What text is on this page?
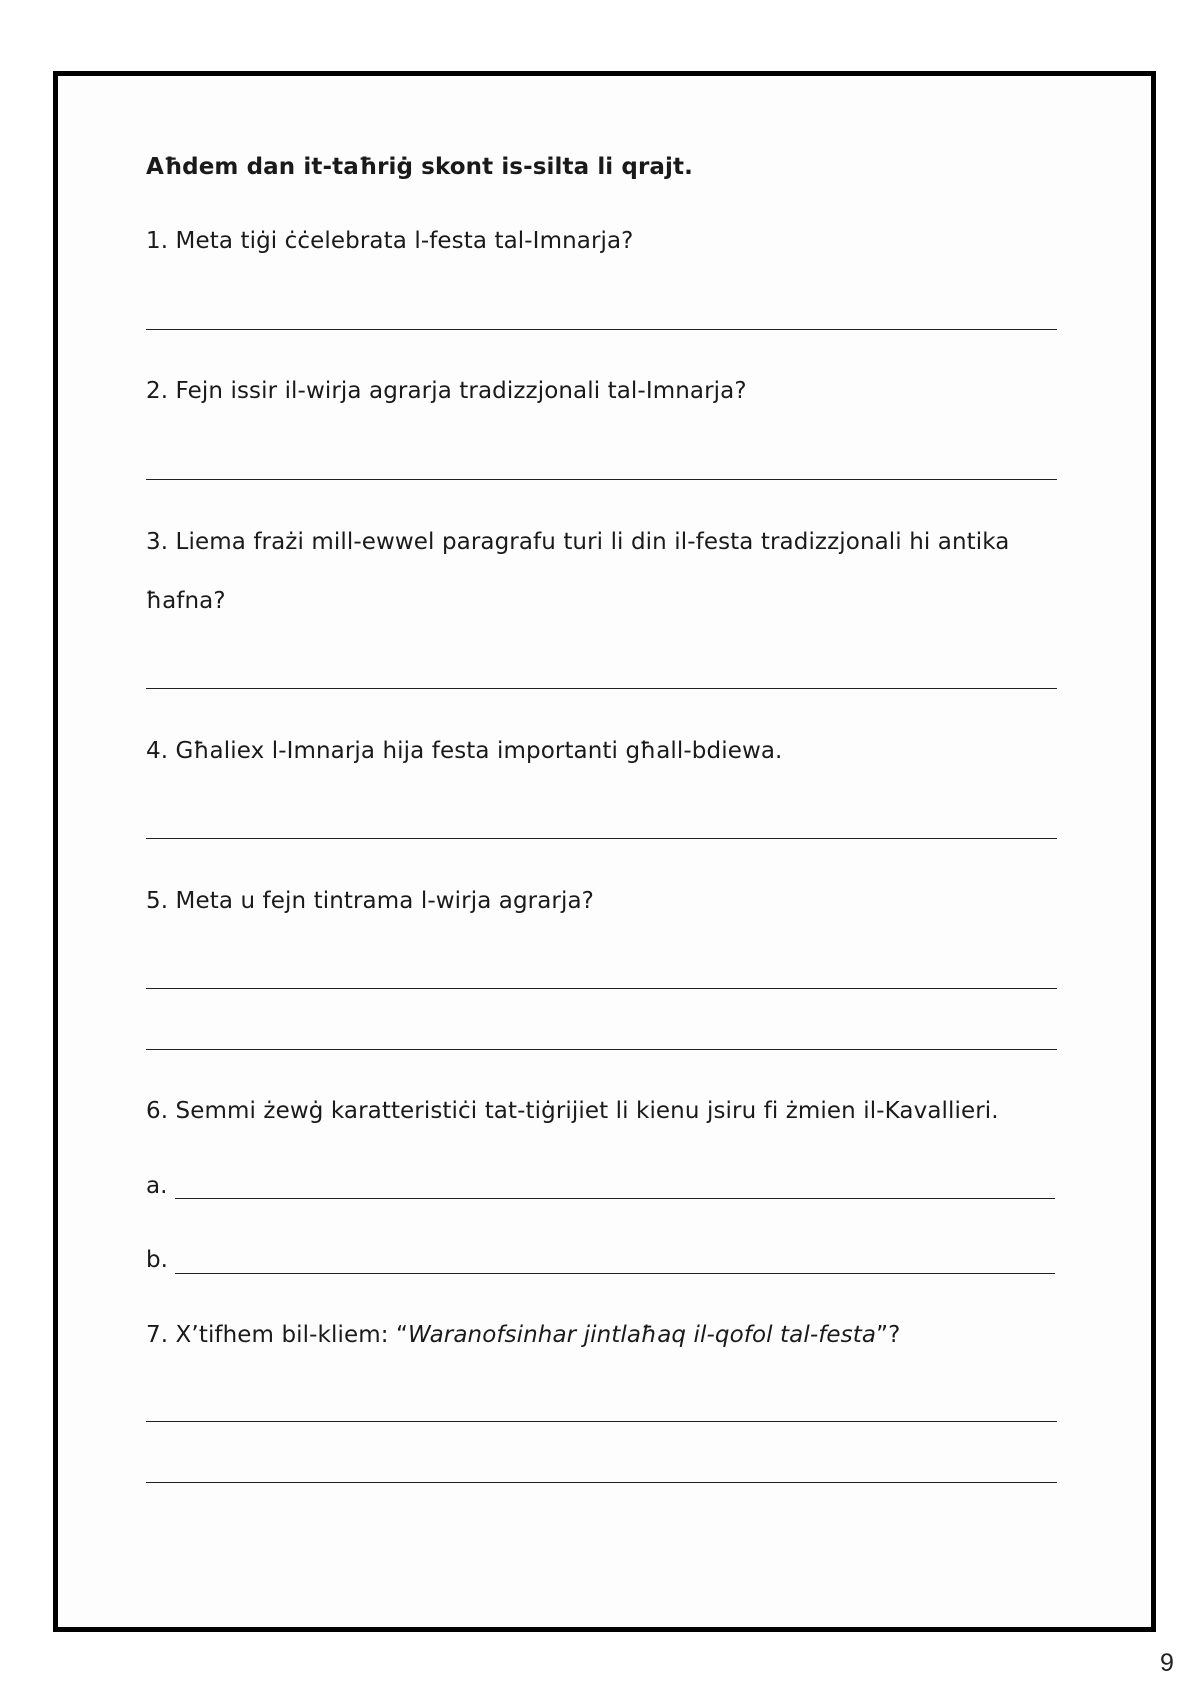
Aħdem dan it-taħriġ skont is-silta li qrajt.
1. Meta tiġi ċċelebrata l-festa tal-Imnarja?
2. Fejn issir il-wirja agrarja tradizzjonali tal-Imnarja?
3. Liema frażi mill-ewwel paragrafu turi li din il-festa tradizzjonali hi antika
ħafna?
4. Għaliex l-Imnarja hija festa importanti għall-bdiewa.
5. Meta u fejn tintrama l-wirja agrarja?
6. Semmi żewġ karatteristiċi tat-tiġrijiet li kienu jsiru fi żmien il-Kavallieri.
a.
b.
7. X’tifhem bil-kliem: “Waranofsinhar jintlaħaq il-qofol tal-festa”?
9
